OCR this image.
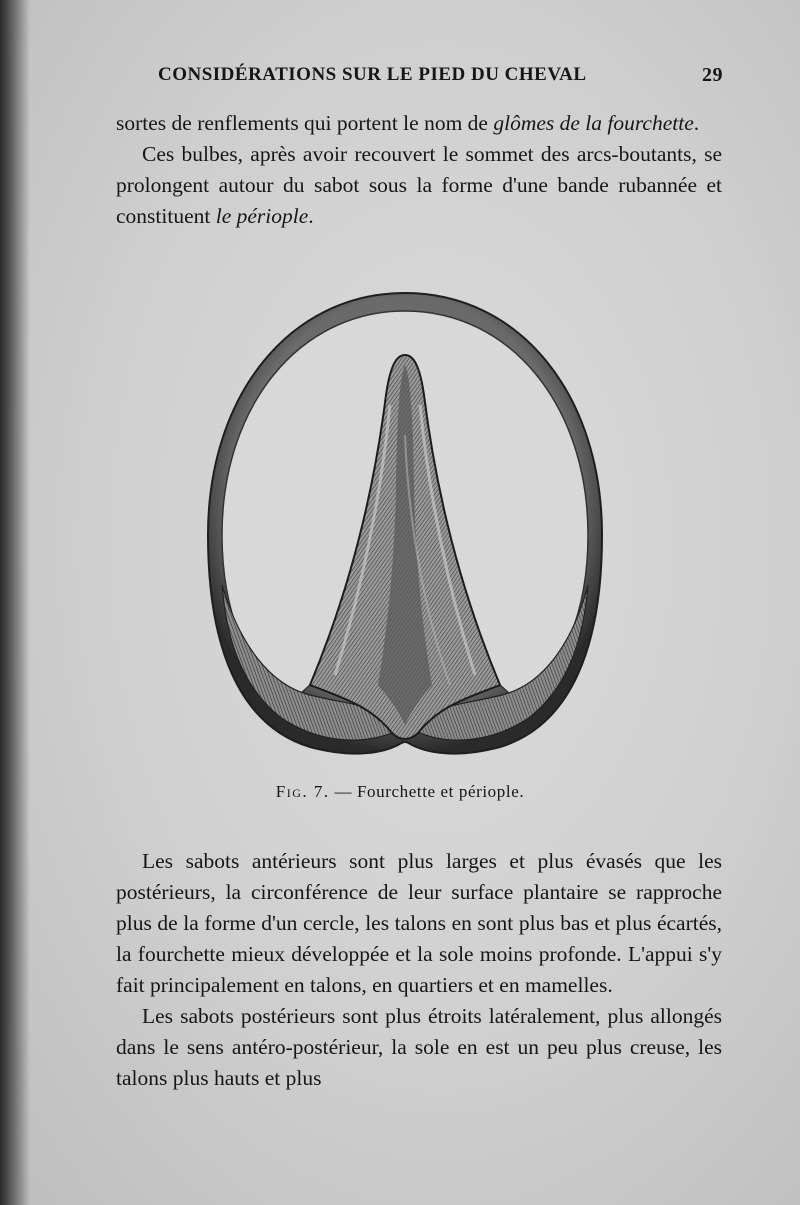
CONSIDÉRATIONS SUR LE PIED DU CHEVAL	29

sortes de renflements qui portent le nom de glômes de la fourchette.

Ces bulbes, après avoir recouvert le sommet des arcs-boutants, se prolongent autour du sabot sous la forme d'une bande rubannée et constituent le périople.

Fig. 7. — Fourchette et périople.

Les sabots antérieurs sont plus larges et plus évasés que les postérieurs, la circonférence de leur surface plantaire se rapproche plus de la forme d'un cercle, les talons en sont plus bas et plus écartés, la fourchette mieux développée et la sole moins profonde. L'appui s'y fait principalement en talons, en quartiers et en mamelles.

Les sabots postérieurs sont plus étroits latéralement, plus allongés dans le sens antéro-postérieur, la sole en est un peu plus creuse, les talons plus hauts et plus
